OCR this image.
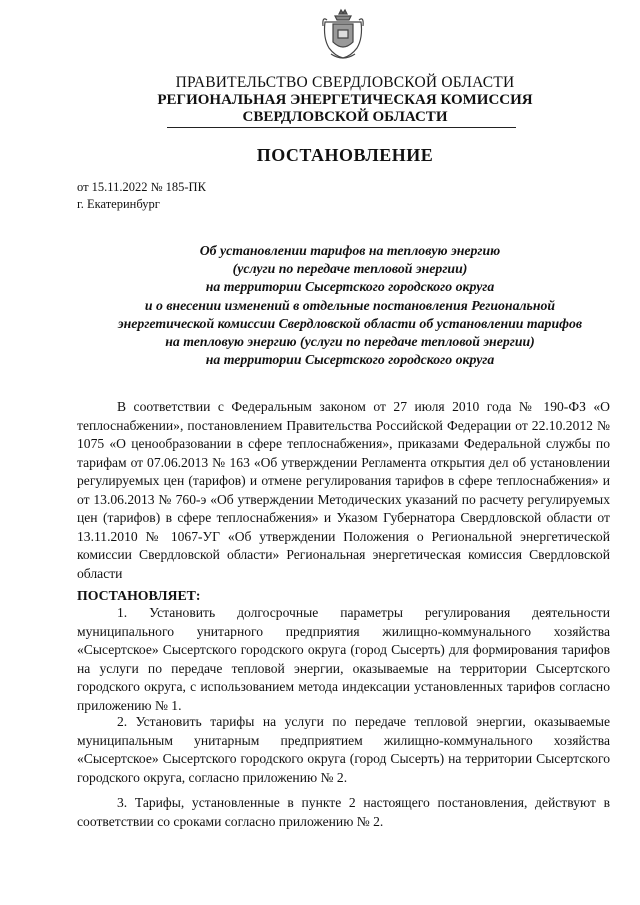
ПРАВИТЕЛЬСТВО СВЕРДЛОВСКОЙ ОБЛАСТИ
РЕГИОНАЛЬНАЯ ЭНЕРГЕТИЧЕСКАЯ КОМИССИЯ
СВЕРДЛОВСКОЙ ОБЛАСТИ
ПОСТАНОВЛЕНИЕ
от 15.11.2022 № 185-ПК
г. Екатеринбург
Об установлении тарифов на тепловую энергию
(услуги по передаче тепловой энергии)
на территории Сысертского городского округа
и о внесении изменений в отдельные постановления Региональной
энергетической комиссии Свердловской области об установлении тарифов
на тепловую энергию (услуги по передаче тепловой энергии)
на территории Сысертского городского округа
В соответствии с Федеральным законом от 27 июля 2010 года № 190-ФЗ «О теплоснабжении», постановлением Правительства Российской Федерации от 22.10.2012 № 1075 «О ценообразовании в сфере теплоснабжения», приказами Федеральной службы по тарифам от 07.06.2013 № 163 «Об утверждении Регламента открытия дел об установлении регулируемых цен (тарифов) и отмене регулирования тарифов в сфере теплоснабжения» и от 13.06.2013 № 760-э «Об утверждении Методических указаний по расчету регулируемых цен (тарифов) в сфере теплоснабжения» и Указом Губернатора Свердловской области от 13.11.2010 № 1067-УГ «Об утверждении Положения о Региональной энергетической комиссии Свердловской области» Региональная энергетическая комиссия Свердловской области
ПОСТАНОВЛЯЕТ:
1. Установить долгосрочные параметры регулирования деятельности муниципального унитарного предприятия жилищно-коммунального хозяйства «Сысертское» Сысертского городского округа (город Сысерть) для формирования тарифов на услуги по передаче тепловой энергии, оказываемые на территории Сысертского городского округа, с использованием метода индексации установленных тарифов согласно приложению № 1.
2. Установить тарифы на услуги по передаче тепловой энергии, оказываемые муниципальным унитарным предприятием жилищно-коммунального хозяйства «Сысертское» Сысертского городского округа (город Сысерть) на территории Сысертского городского округа, согласно приложению № 2.
3. Тарифы, установленные в пункте 2 настоящего постановления, действуют в соответствии со сроками согласно приложению № 2.
